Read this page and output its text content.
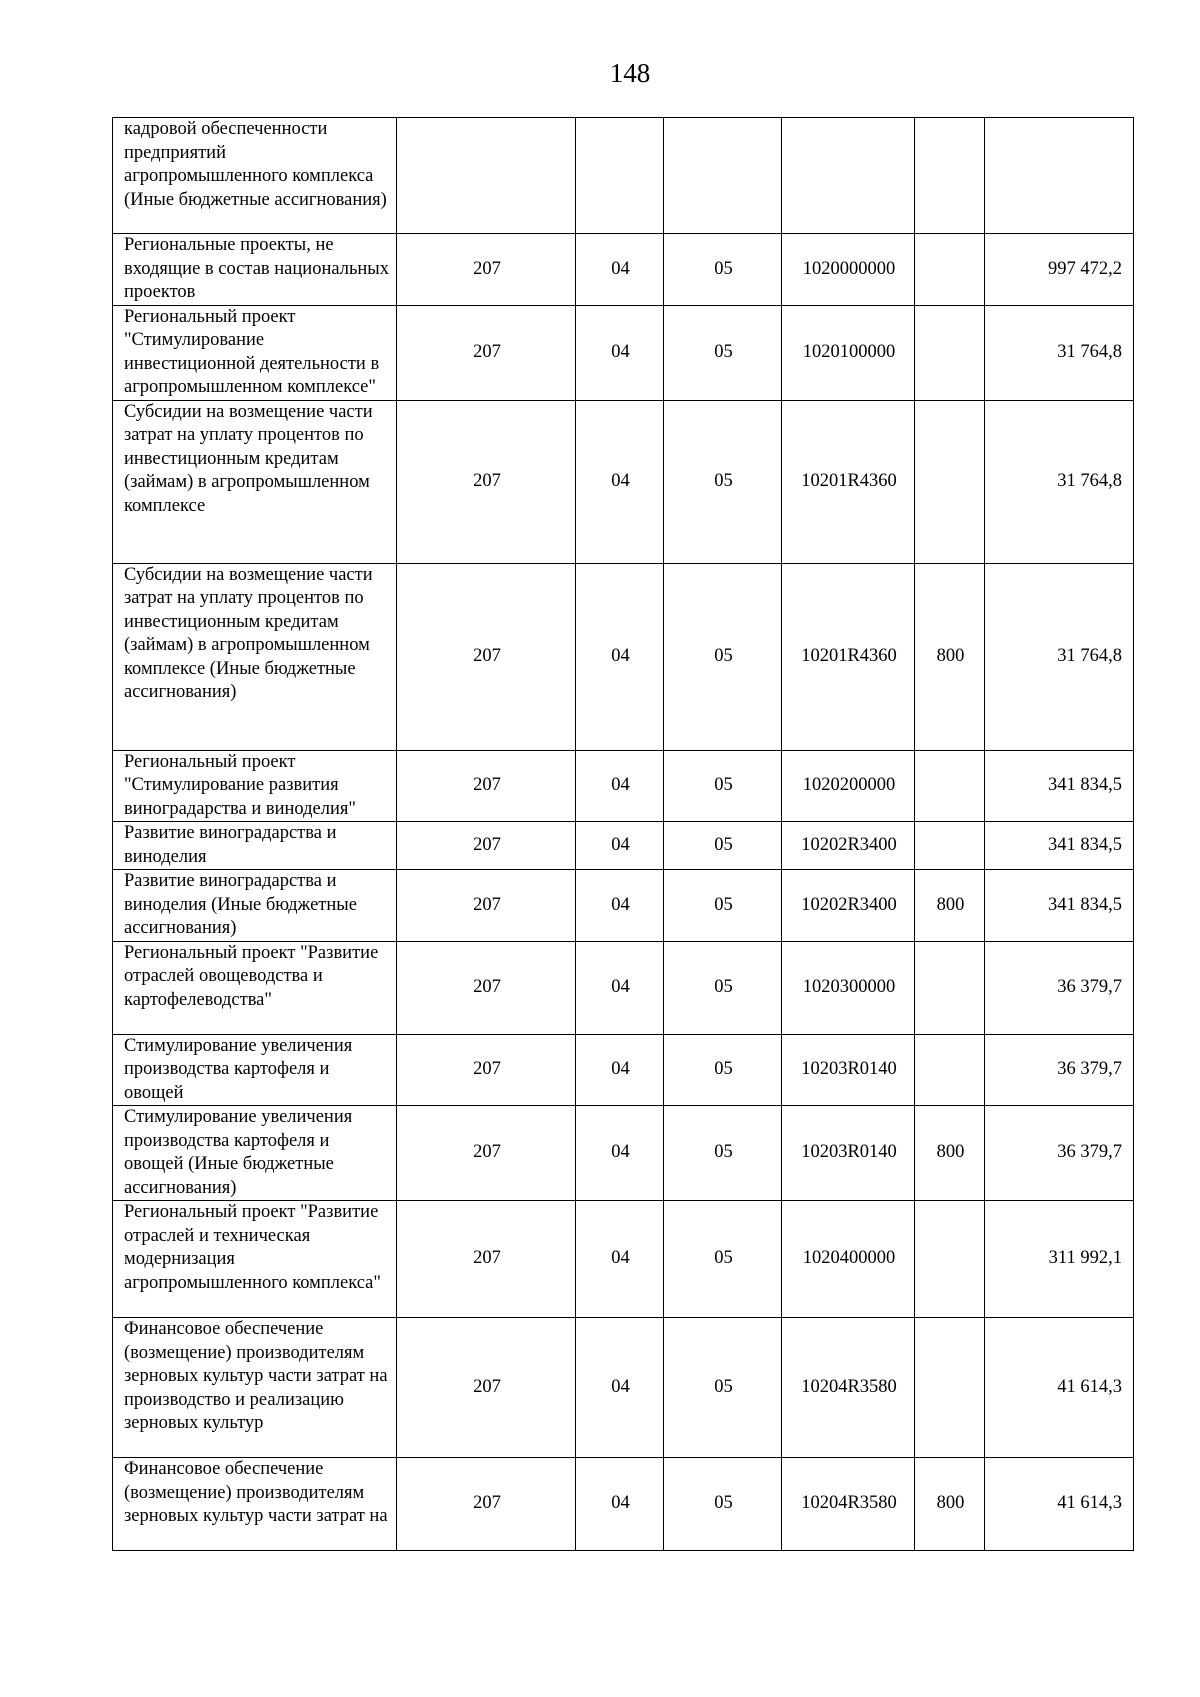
148
кадровой обеспеченности предприятий агропромышленного комплекса (Иные бюджетные ассигнования)						
Региональные проекты, не входящие в состав национальных проектов	207	04	05	1020000000		997 472,2
Региональный проект "Стимулирование инвестиционной деятельности в агропромышленном комплексе"	207	04	05	1020100000		31 764,8
Субсидии на возмещение части затрат на уплату процентов по инвестиционным кредитам (займам) в агропромышленном комплексе	207	04	05	10201R4360		31 764,8
Субсидии на возмещение части затрат на уплату процентов по инвестиционным кредитам (займам) в агропромышленном комплексе (Иные бюджетные ассигнования)	207	04	05	10201R4360	800	31 764,8
Региональный проект "Стимулирование развития виноградарства и виноделия"	207	04	05	1020200000		341 834,5
Развитие виноградарства и виноделия	207	04	05	10202R3400		341 834,5
Развитие виноградарства и виноделия (Иные бюджетные ассигнования)	207	04	05	10202R3400	800	341 834,5
Региональный проект "Развитие отраслей овощеводства и картофелеводства"	207	04	05	1020300000		36 379,7
Стимулирование увеличения производства картофеля и овощей	207	04	05	10203R0140		36 379,7
Стимулирование увеличения производства картофеля и овощей (Иные бюджетные ассигнования)	207	04	05	10203R0140	800	36 379,7
Региональный проект "Развитие отраслей и техническая модернизация агропромышленного комплекса"	207	04	05	1020400000		311 992,1
Финансовое обеспечение (возмещение) производителям зерновых культур части затрат на производство и реализацию зерновых культур	207	04	05	10204R3580		41 614,3
Финансовое обеспечение (возмещение) производителям зерновых культур части затрат на	207	04	05	10204R3580	800	41 614,3
